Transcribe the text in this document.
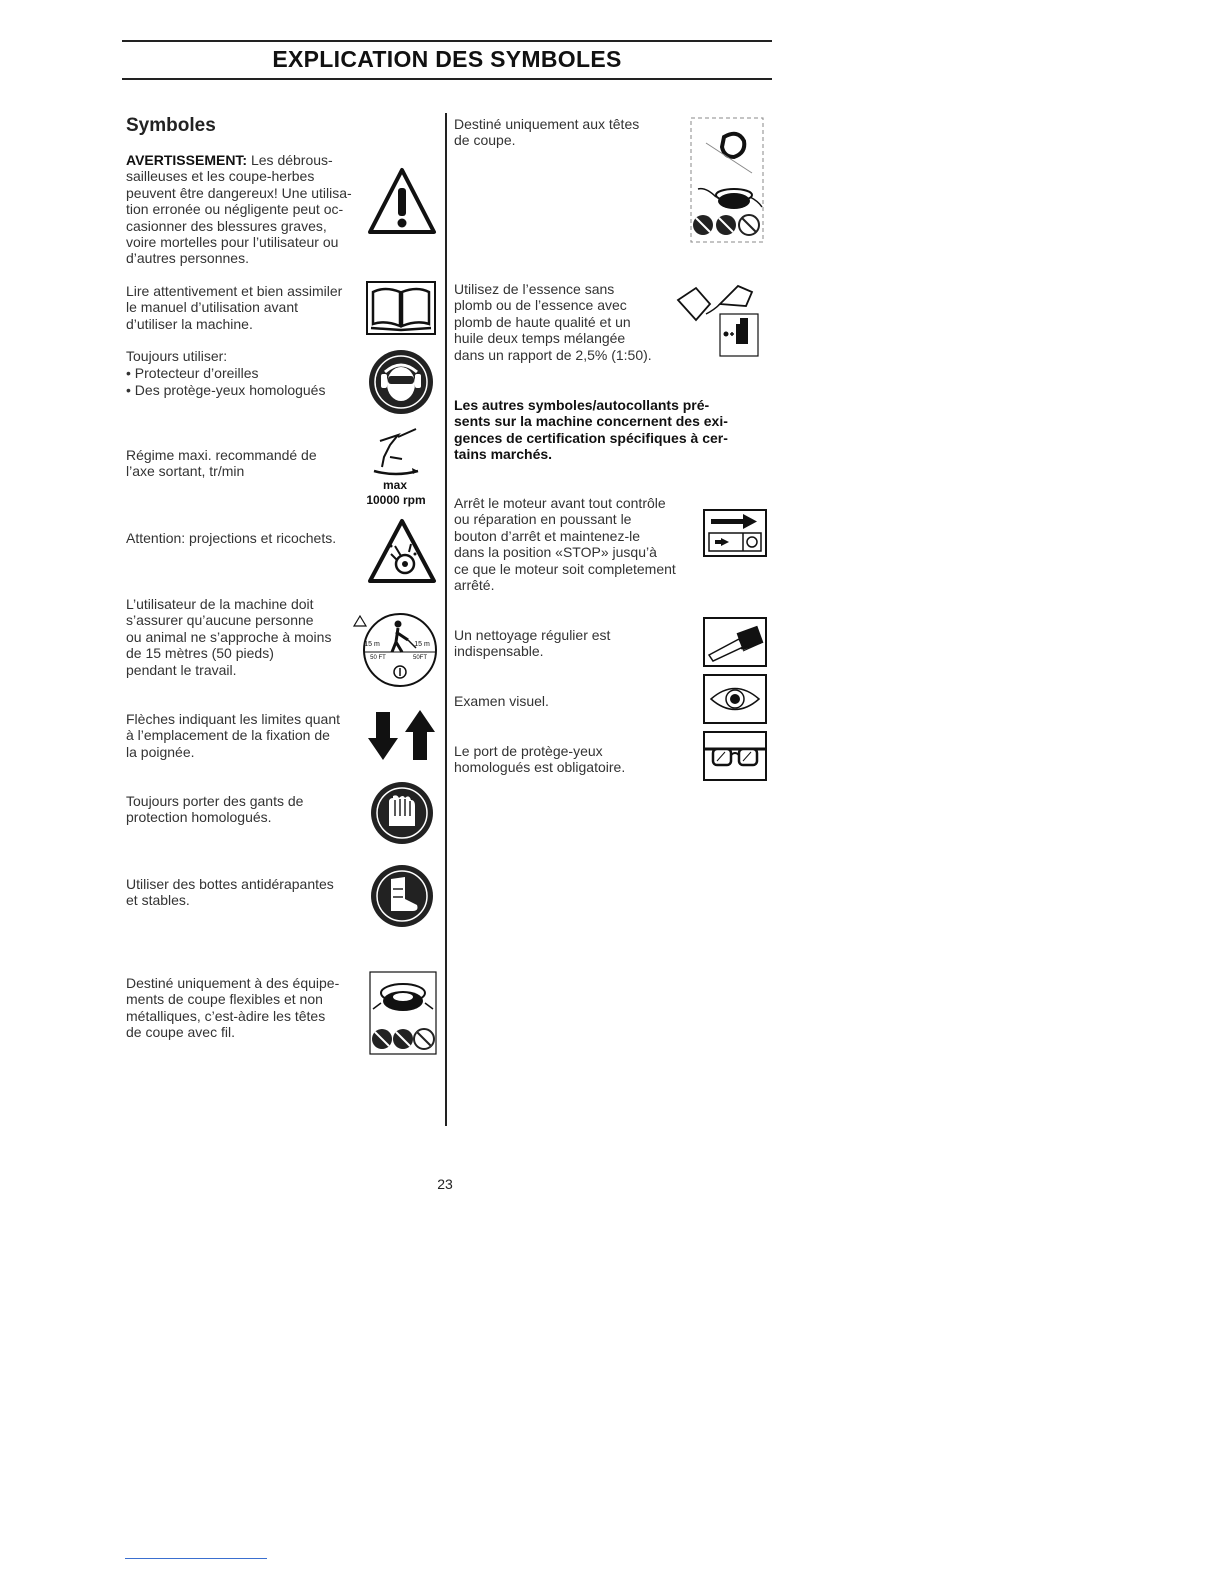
EXPLICATION DES SYMBOLES
Symboles
AVERTISSEMENT: Les débrous-
sailleuses et les coupe-herbes
peuvent être dangereux! Une utilisa-
tion erronée ou négligente peut oc-
casionner des blessures graves,
voire mortelles pour l’utilisateur ou
d’autres personnes.
Lire attentivement et bien assimiler
le manuel d’utilisation avant
d’utiliser la machine.
Toujours utiliser:
• Protecteur d’oreilles
• Des protège-yeux homologués
Régime maxi. recommandé de
l’axe sortant, tr/min
max
10000 rpm
Attention: projections et ricochets.
L’utilisateur de la machine doit
s’assurer qu’aucune personne
ou animal ne s’approche à moins
de 15 mètres (50 pieds)
pendant le travail.
15 m	15 m
50 FT	50FT
Flèches indiquant les limites quant
à l’emplacement de la fixation de
la poignée.
Toujours porter des gants de
protection homologués.
Utiliser des bottes antidérapantes
et stables.
Destiné uniquement à des équipe-
ments de coupe flexibles et non
métalliques, c’est-àdire les têtes
de coupe avec fil.
Destiné uniquement aux têtes
de coupe.
Utilisez de l’essence sans
plomb ou de l’essence avec
plomb de haute qualité et un
huile deux temps mélangée
dans un rapport de 2,5% (1:50).
Les autres symboles/autocollants pré-
sents sur la machine concernent des exi-
gences de certification spécifiques à cer-
tains marchés.
Arrêt le moteur avant tout contrôle
ou réparation en poussant le
bouton d’arrêt et maintenez-le
dans la position «STOP» jusqu’à
ce que le moteur soit completement
arrêté.
Un nettoyage régulier est
indispensable.
Examen visuel.
Le port de protège-yeux
homologués est obligatoire.
23
